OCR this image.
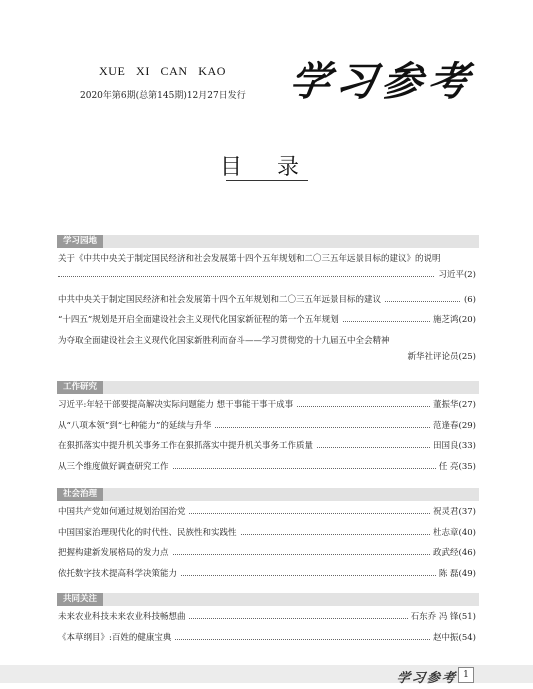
XUE XI CAN KAO
2020年第6期(总第145期)12月27日发行 学习参考
目 录
学习园地
关于《中共中央关于制定国民经济和社会发展第十四个五年规划和二〇三五年远景目标的建议》的说明
习近平(2)
中共中央关于制定国民经济和社会发展第十四个五年规划和二〇三五年远景目标的建议	(6)
“十四五”规划是开启全面建设社会主义现代化国家新征程的第一个五年规划	施芝鸿(20)
为夺取全面建设社会主义现代化国家新胜利而奋斗——学习贯彻党的十九届五中全会精神
新华社评论员(25)
工作研究
习近平:年轻干部要提高解决实际问题能力 想干事能干事干成事	董振华(27)
从“八项本领”到“七种能力”的延续与升华	范逢春(29)
在狠抓落实中提升机关事务工作在狠抓落实中提升机关事务工作质量	田国良(33)
从三个维度做好调查研究工作	任 亮(35)
社会治理
中国共产党如何通过规划治国治党	祝灵君(37)
中国国家治理现代化的时代性、民族性和实践性	杜志章(40)
把握构建新发展格局的发力点	政武经(46)
依托数字技术提高科学决策能力	陈 磊(49)
共同关注
未来农业科技未来农业科技畅想曲	石东乔 冯 锋(51)
《本草纲目》:百姓的健康宝典	赵中振(54)
学习参考 1
